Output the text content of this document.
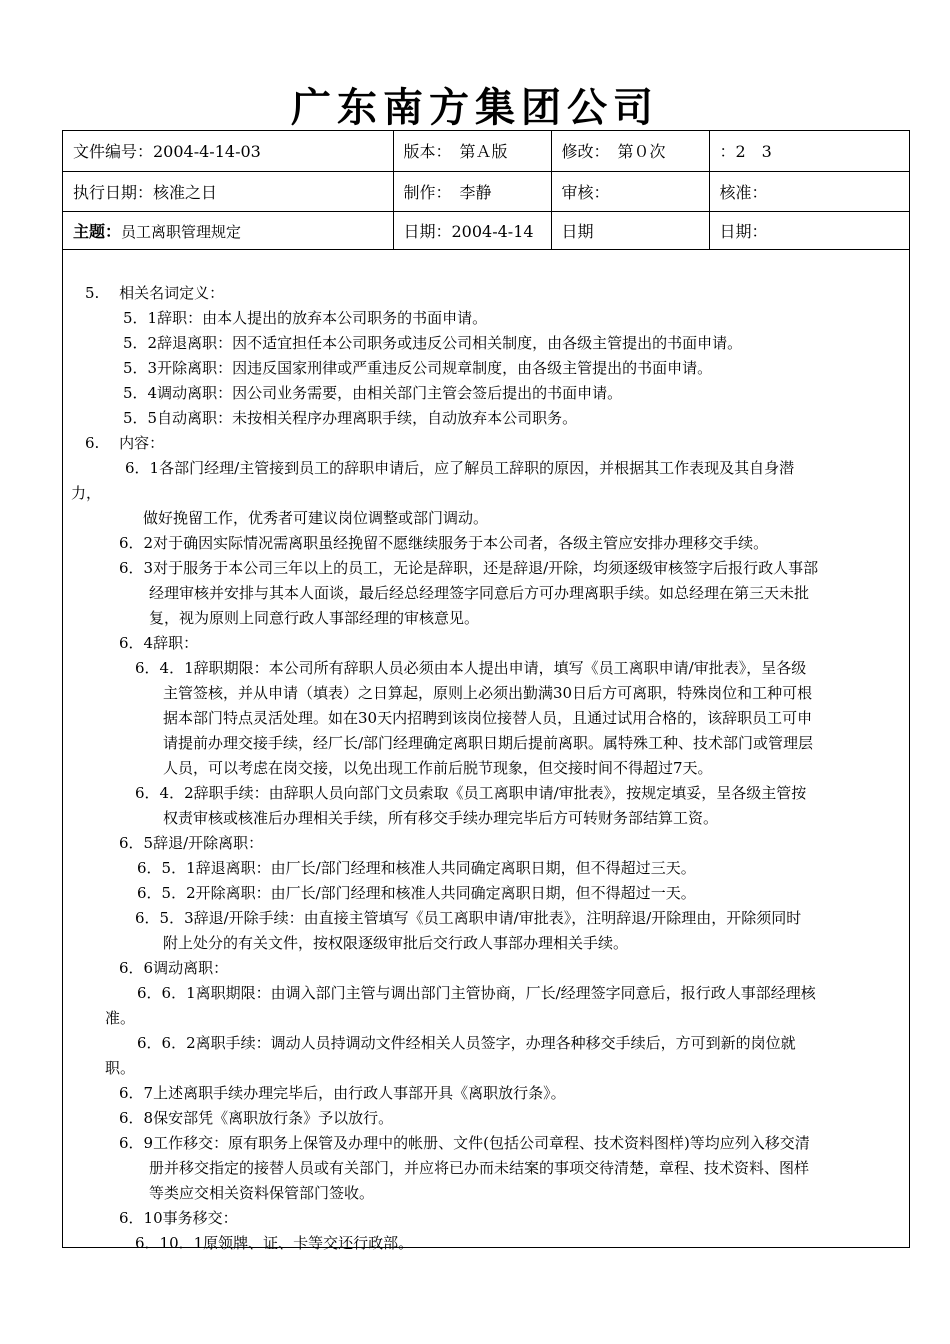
广东南方集团公司
文件编号：2004-4-14-03	版本：　第Ａ版	修改：　第０次	：2　3
执行日期：核准之日	制作：　李静	审核：	核准：
主题：员工离职管理规定	日期：2004-4-14	日期	日期：
5.　 相关名词定义：
5．1辞职：由本人提出的放弃本公司职务的书面申请。
5．2辞退离职：因不适宜担任本公司职务或违反公司相关制度，由各级主管提出的书面申请。
5．3开除离职：因违反国家刑律或严重违反公司规章制度，由各级主管提出的书面申请。
5．4调动离职：因公司业务需要，由相关部门主管会签后提出的书面申请。
5．5自动离职：未按相关程序办理离职手续，自动放弃本公司职务。
6.　 内容：
6．1各部门经理/主管接到员工的辞职申请后，应了解员工辞职的原因，并根据其工作表现及其自身潜
力，
做好挽留工作，优秀者可建议岗位调整或部门调动。
6．2对于确因实际情况需离职虽经挽留不愿继续服务于本公司者，各级主管应安排办理移交手续。
6．3对于服务于本公司三年以上的员工，无论是辞职，还是辞退/开除，均须逐级审核签字后报行政人事部
经理审核并安排与其本人面谈，最后经总经理签字同意后方可办理离职手续。如总经理在第三天未批
复，视为原则上同意行政人事部经理的审核意见。
6．4辞职：
6．4．1辞职期限：本公司所有辞职人员必须由本人提出申请，填写《员工离职申请/审批表》，呈各级
主管签核，并从申请（填表）之日算起，原则上必须出勤满30日后方可离职，特殊岗位和工种可根
据本部门特点灵活处理。如在30天内招聘到该岗位接替人员，且通过试用合格的，该辞职员工可申
请提前办理交接手续，经厂长/部门经理确定离职日期后提前离职。属特殊工种、技术部门或管理层
人员，可以考虑在岗交接，以免出现工作前后脱节现象，但交接时间不得超过7天。
6．4．2辞职手续：由辞职人员向部门文员索取《员工离职申请/审批表》，按规定填妥，呈各级主管按
权责审核或核准后办理相关手续，所有移交手续办理完毕后方可转财务部结算工资。
6．5辞退/开除离职：
6．5．1辞退离职：由厂长/部门经理和核准人共同确定离职日期，但不得超过三天。
6．5．2开除离职：由厂长/部门经理和核准人共同确定离职日期，但不得超过一天。
6．5．3辞退/开除手续：由直接主管填写《员工离职申请/审批表》，注明辞退/开除理由，开除须同时
附上处分的有关文件，按权限逐级审批后交行政人事部办理相关手续。
6．6调动离职：
6．6．1离职期限：由调入部门主管与调出部门主管协商，厂长/经理签字同意后，报行政人事部经理核
准。
6．6．2离职手续：调动人员持调动文件经相关人员签字，办理各种移交手续后，方可到新的岗位就
职。
6．7上述离职手续办理完毕后，由行政人事部开具《离职放行条》。
6．8保安部凭《离职放行条》予以放行。
6．9工作移交：原有职务上保管及办理中的帐册、文件(包括公司章程、技术资料图样)等均应列入移交清
册并移交指定的接替人员或有关部门，并应将已办而未结案的事项交待清楚，章程、技术资料、图样
等类应交相关资料保管部门签收。
6．10事务移交：
6．10．1原领牌、证、卡等交还行政部。
